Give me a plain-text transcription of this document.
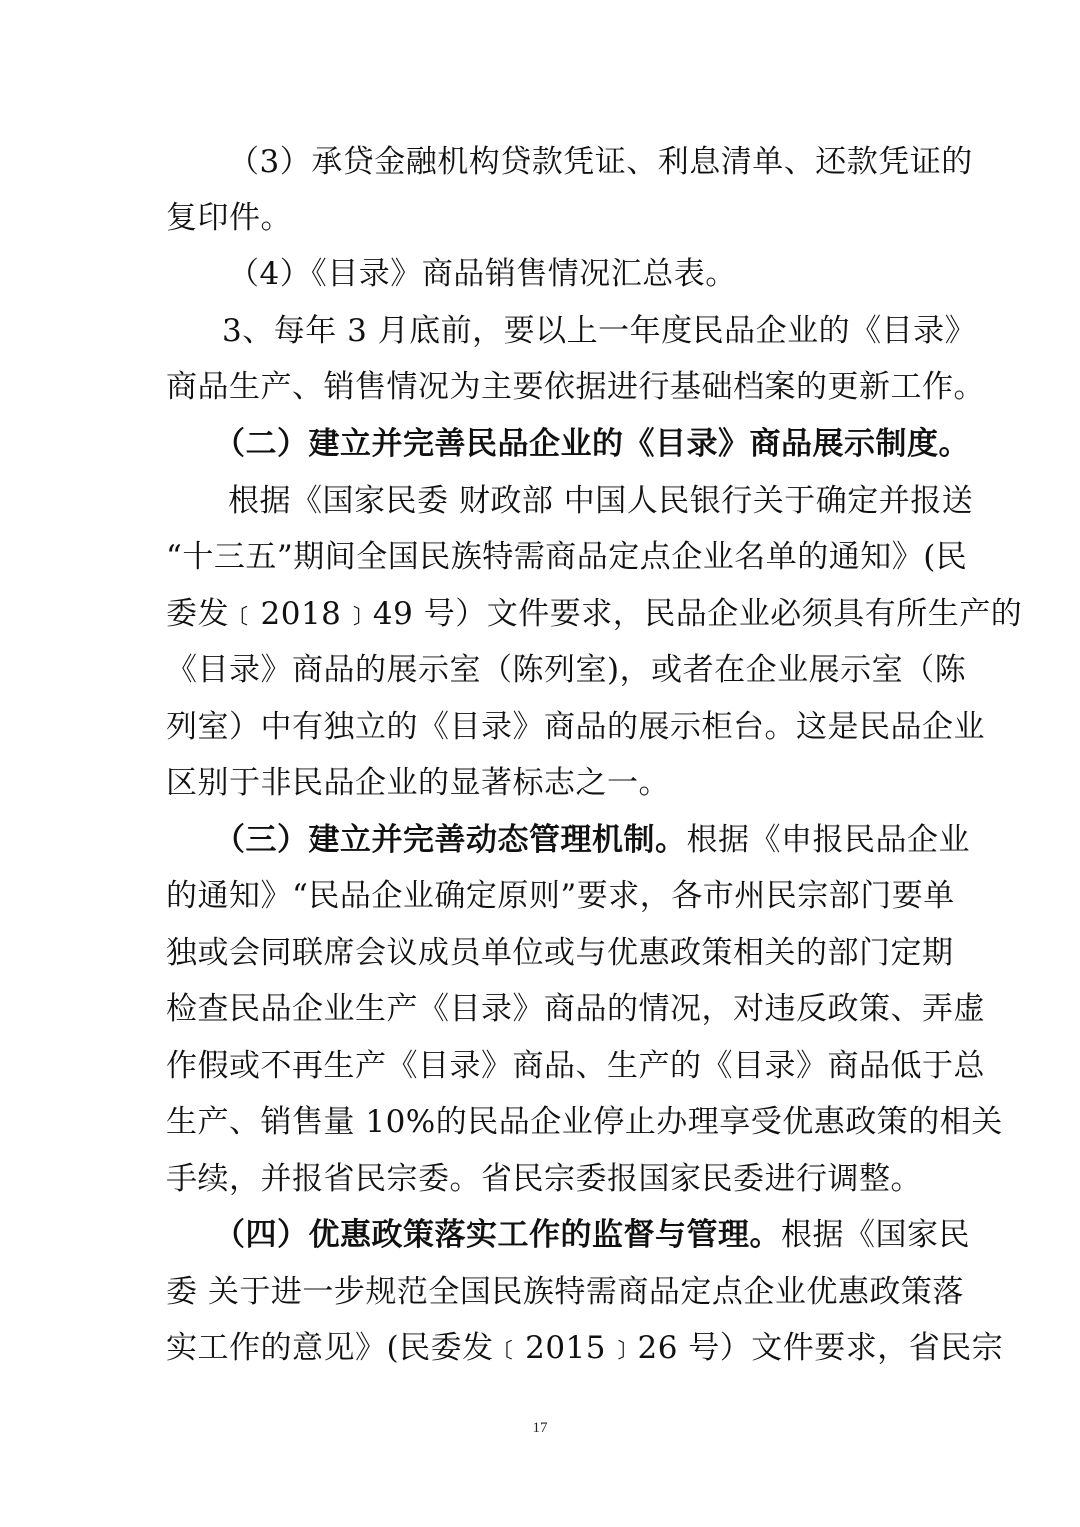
（3）承贷金融机构贷款凭证、利息清单、还款凭证的
复印件。
（4）《目录》商品销售情况汇总表。
3、每年 3 月底前，要以上一年度民品企业的《目录》
商品生产、销售情况为主要依据进行基础档案的更新工作。
（二）建立并完善民品企业的《目录》商品展示制度。
根据《国家民委 财政部 中国人民银行关于确定并报送
“十三五”期间全国民族特需商品定点企业名单的通知》(民
委发﹝2018﹞49 号）文件要求，民品企业必须具有所生产的
《目录》商品的展示室（陈列室)，或者在企业展示室（陈
列室）中有独立的《目录》商品的展示柜台。这是民品企业
区别于非民品企业的显著标志之一。
（三）建立并完善动态管理机制。根据《申报民品企业
的通知》“民品企业确定原则”要求，各市州民宗部门要单
独或会同联席会议成员单位或与优惠政策相关的部门定期
检查民品企业生产《目录》商品的情况，对违反政策、弄虚
作假或不再生产《目录》商品、生产的《目录》商品低于总
生产、销售量 10%的民品企业停止办理享受优惠政策的相关
手续，并报省民宗委。省民宗委报国家民委进行调整。
（四）优惠政策落实工作的监督与管理。根据《国家民
委 关于进一步规范全国民族特需商品定点企业优惠政策落
实工作的意见》(民委发﹝2015﹞26 号）文件要求，省民宗
17
